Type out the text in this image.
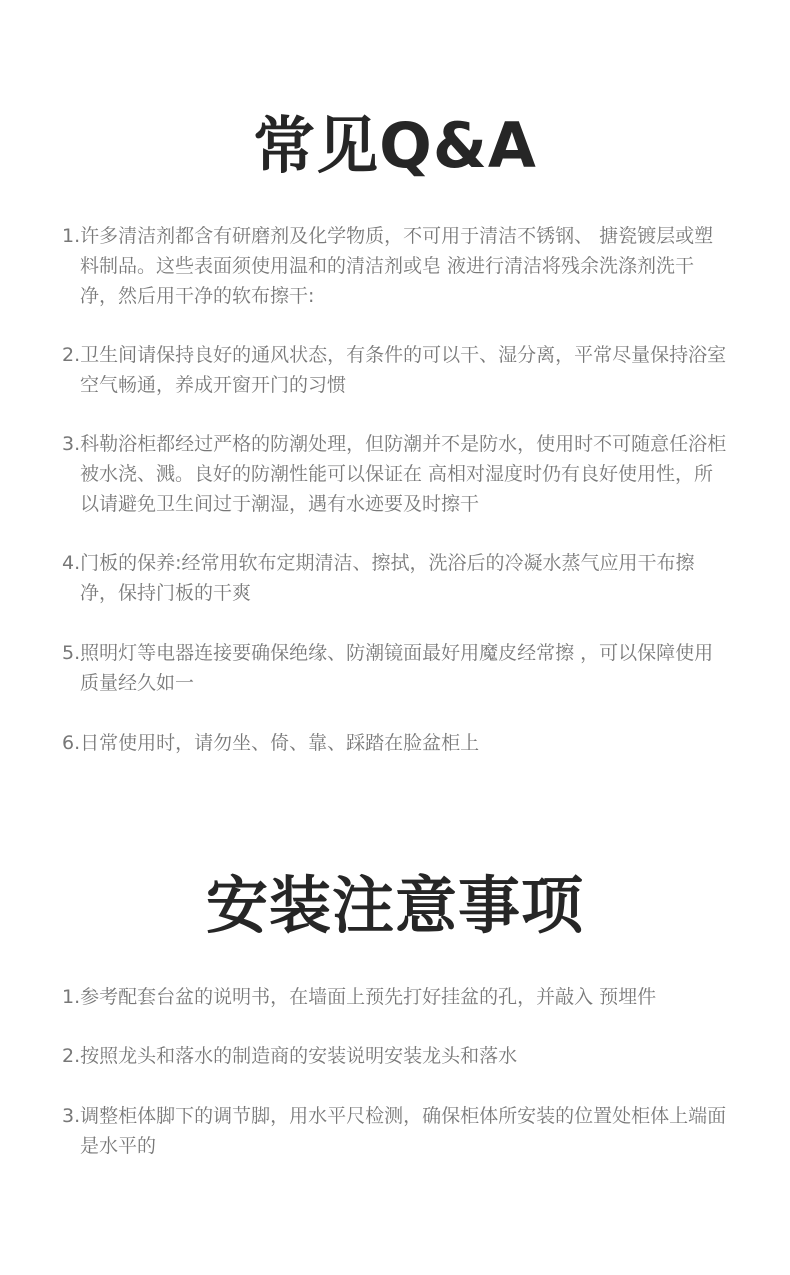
常见Q&A
1.许多清洁剂都含有研磨剂及化学物质，不可用于清洁不锈钢、 搪瓷镀层或塑料制品。这些表面须使用温和的清洁剂或皂 液进行清洁将残余洗涤剂洗干净，然后用干净的软布擦干:
2.卫生间请保持良好的通风状态，有条件的可以干、湿分离，平常尽量保持浴室空气畅通，养成开窗开门的习惯
3.科勒浴柜都经过严格的防潮处理，但防潮并不是防水，使用时不可随意任浴柜被水浇、溅。良好的防潮性能可以保证在 高相对湿度时仍有良好使用性，所以请避免卫生间过于潮湿，遇有水迹要及时擦干
4.门板的保养:经常用软布定期清洁、擦拭，洗浴后的冷凝水蒸气应用干布擦净，保持门板的干爽
5.照明灯等电器连接要确保绝缘、防潮镜面最好用魔皮经常擦 ，可以保障使用质量经久如一
6.日常使用时，请勿坐、倚、靠、踩踏在脸盆柜上
安装注意事项
1.参考配套台盆的说明书，在墙面上预先打好挂盆的孔，并敲入 预埋件
2.按照龙头和落水的制造商的安装说明安装龙头和落水
3.调整柜体脚下的调节脚，用水平尺检测，确保柜体所安装的位置处柜体上端面是水平的
